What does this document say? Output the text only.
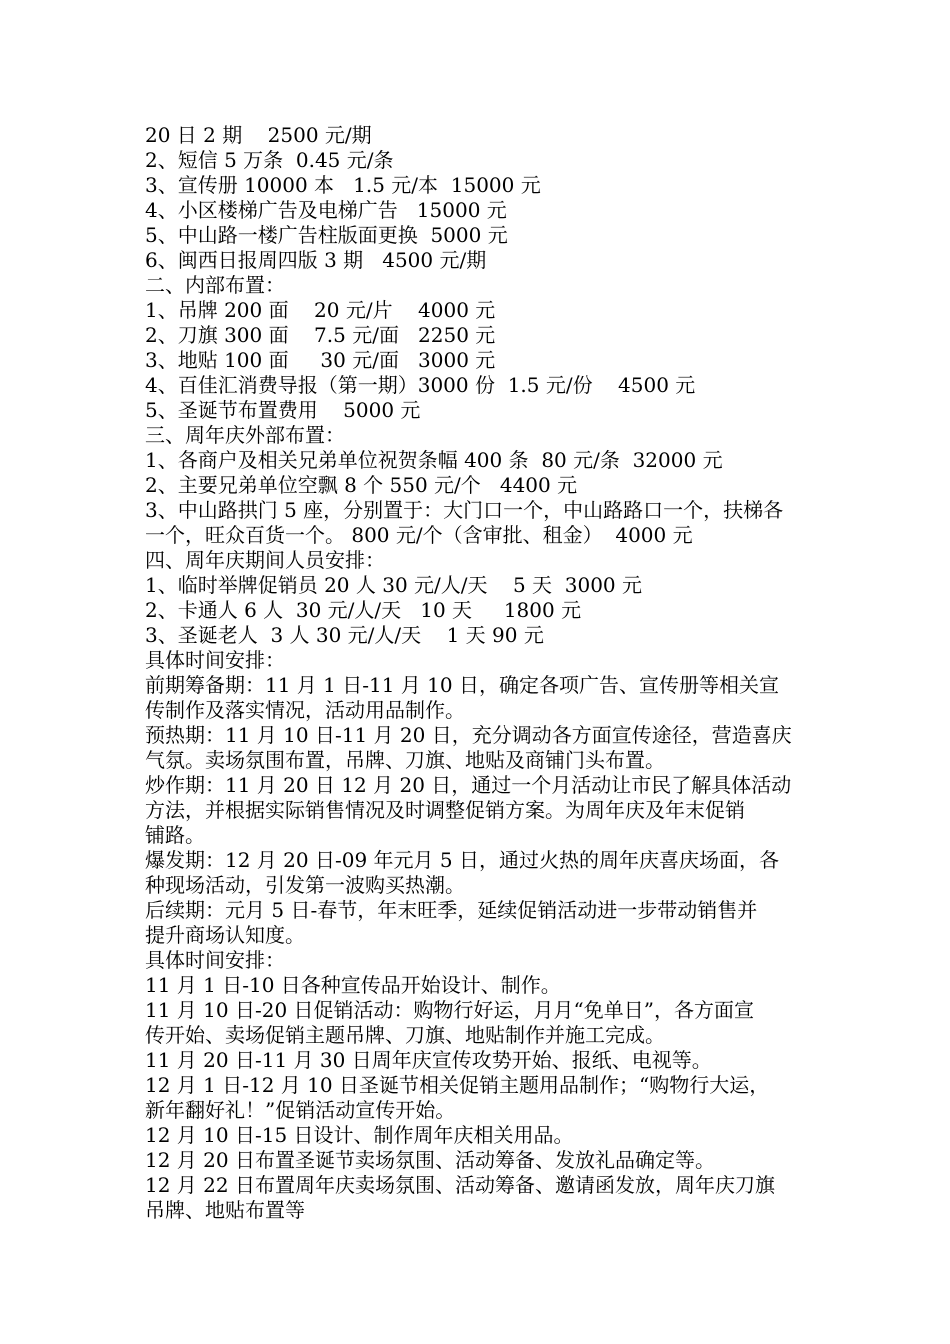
20 日 2 期    2500 元/期
2、短信 5 万条  0.45 元/条
3、宣传册 10000 本   1.5 元/本  15000 元
4、小区楼梯广告及电梯广告   15000 元
5、中山路一楼广告柱版面更换  5000 元
6、闽西日报周四版 3 期   4500 元/期
二、内部布置：
1、吊牌 200 面    20 元/片    4000 元
2、刀旗 300 面    7.5 元/面   2250 元
3、地贴 100 面     30 元/面   3000 元
4、百佳汇消费导报（第一期）3000 份  1.5 元/份    4500 元
5、圣诞节布置费用    5000 元
三、周年庆外部布置：
1、各商户及相关兄弟单位祝贺条幅 400 条  80 元/条  32000 元
2、主要兄弟单位空飘 8 个 550 元/个   4400 元
3、中山路拱门 5 座，分别置于：大门口一个，中山路路口一个，扶梯各
一个，旺众百货一个。 800 元/个（含审批、租金）  4000 元
四、周年庆期间人员安排：
1、临时举牌促销员 20 人 30 元/人/天    5 天  3000 元
2、卡通人 6 人  30 元/人/天   10 天     1800 元
3、圣诞老人  3 人 30 元/人/天    1 天 90 元
具体时间安排：
前期筹备期：11 月 1 日-11 月 10 日，确定各项广告、宣传册等相关宣
传制作及落实情况，活动用品制作。
预热期：11 月 10 日-11 月 20 日，充分调动各方面宣传途径，营造喜庆
气氛。卖场氛围布置，吊牌、刀旗、地贴及商铺门头布置。
炒作期：11 月 20 日 12 月 20 日，通过一个月活动让市民了解具体活动
方法，并根据实际销售情况及时调整促销方案。为周年庆及年末促销
铺路。
爆发期：12 月 20 日-09 年元月 5 日，通过火热的周年庆喜庆场面，各
种现场活动，引发第一波购买热潮。
后续期：元月 5 日-春节，年末旺季，延续促销活动进一步带动销售并
提升商场认知度。
具体时间安排：
11 月 1 日-10 日各种宣传品开始设计、制作。
11 月 10 日-20 日促销活动：购物行好运，月月“免单日”，各方面宣
传开始、卖场促销主题吊牌、刀旗、地贴制作并施工完成。
11 月 20 日-11 月 30 日周年庆宣传攻势开始、报纸、电视等。
12 月 1 日-12 月 10 日圣诞节相关促销主题用品制作；“购物行大运，
新年翻好礼！”促销活动宣传开始。
12 月 10 日-15 日设计、制作周年庆相关用品。
12 月 20 日布置圣诞节卖场氛围、活动筹备、发放礼品确定等。
12 月 22 日布置周年庆卖场氛围、活动筹备、邀请函发放，周年庆刀旗
吊牌、地贴布置等
